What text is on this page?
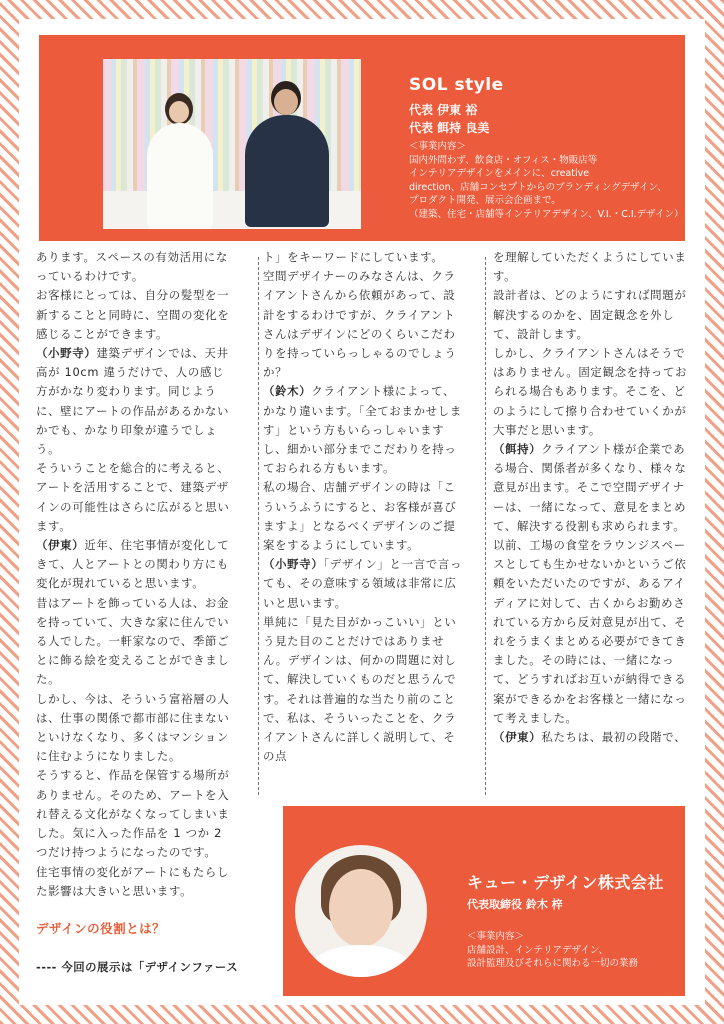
SOL style

代表 伊東 裕

代表 餌持 良美

＜事業内容＞
国内外問わず、飲食店・オフィス・物販店等
インテリアデザインをメインに、creative
direction、店舗コンセプトからのブランディングデザイン、
プロダクト開発、展示会企画まで。
（建築、住宅・店舗等インテリアデザイン、V.I.・C.I.デザイン）

あります。スペースの有効活用になっているわけです。

お客様にとっては、自分の髪型を一新することと同時に、空間の変化を感じることができます。

（小野寺）建築デザインでは、天井高が 10cm 違うだけで、人の感じ方がかなり変わります。同じように、壁にアートの作品があるかないかでも、かなり印象が違うでしょう。

そういうことを総合的に考えると、アートを活用することで、建築デザインの可能性はさらに広がると思います。

（伊東）近年、住宅事情が変化してきて、人とアートとの関わり方にも変化が現れていると思います。

昔はアートを飾っている人は、お金を持っていて、大きな家に住んでいる人でした。一軒家なので、季節ごとに飾る絵を変えることができました。

しかし、今は、そういう富裕層の人は、仕事の関係で都市部に住まないといけなくなり、多くはマンションに住むようになりました。

そうすると、作品を保管する場所がありません。そのため、アートを入れ替える文化がなくなってしまいました。気に入った作品を 1 つか 2 つだけ持つようになったのです。

住宅事情の変化がアートにもたらした影響は大きいと思います。

ト」をキーワードにしています。

空間デザイナーのみなさんは、クライアントさんから依頼があって、設計をするわけですが、クライアントさんはデザインにどのくらいこだわりを持っていらっしゃるのでしょうか？

（鈴木）クライアント様によって、かなり違います。「全ておまかせします」という方もいらっしゃいますし、細かい部分までこだわりを持っておられる方もいます。

私の場合、店舗デザインの時は「こういうふうにすると、お客様が喜びますよ」となるべくデザインのご提案をするようにしています。

（小野寺）「デザイン」と一言で言っても、その意味する領域は非常に広いと思います。

単純に「見た目がかっこいい」という見た目のことだけではありません。デザインは、何かの問題に対して、解決していくものだと思うんです。それは普遍的な当たり前のことで、私は、そういったことを、クライアントさんに詳しく説明して、その点

を理解していただくようにしています。

設計者は、どのようにすれば問題が解決するのかを、固定観念を外して、設計します。

しかし、クライアントさんはそうではありません。固定観念を持っておられる場合もあります。そこを、どのようにして擦り合わせていくかが大事だと思います。

（餌持）クライアント様が企業である場合、関係者が多くなり、様々な意見が出ます。そこで空間デザイナーは、一緒になって、意見をまとめて、解決する役割も求められます。

以前、工場の食堂をラウンジスペースとしても生かせないかというご依頼をいただいたのですが、あるアイディアに対して、古くからお勤めされている方から反対意見が出て、それをうまくまとめる必要ができてきました。その時には、一緒になって、どうすればお互いが納得できる案ができるかをお客様と一緒になって考えました。

（伊東）私たちは、最初の段階で、

デザインの役割とは？

---- 今回の展示は「デザインファース

キュー・デザイン株式会社

代表取締役 鈴木 梓

＜事業内容＞
店舗設計、インテリアデザイン、
設計監理及びそれらに関わる一切の業務
